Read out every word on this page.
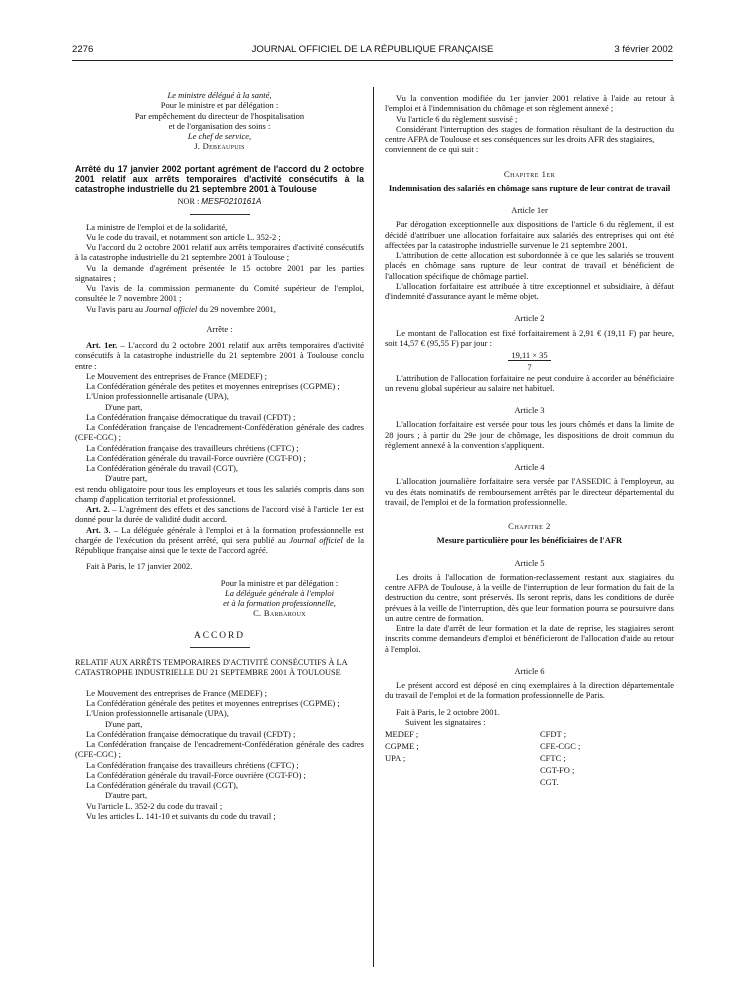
2276	JOURNAL OFFICIEL DE LA RÉPUBLIQUE FRANÇAISE	3 février 2002
Le ministre délégué à la santé,
Pour le ministre et par délégation :
Par empêchement du directeur de l'hospitalisation
et de l'organisation des soins :
Le chef de service,
J. Debeaupuis

Arrêté du 17 janvier 2002 portant agrément de l'accord du 2 octobre 2001 relatif aux arrêts temporaires d'activité consécutifs à la catastrophe industrielle du 21 septembre 2001 à Toulouse

NOR : MESF0210161A

La ministre de l'emploi et de la solidarité,

Vu le code du travail, et notamment son article L. 352-2 ;

Vu l'accord du 2 octobre 2001 relatif aux arrêts temporaires d'activité consécutifs à la catastrophe industrielle du 21 septembre 2001 à Toulouse ;

Vu la demande d'agrément présentée le 15 octobre 2001 par les parties signataires ;

Vu l'avis de la commission permanente du Comité supérieur de l'emploi, consultée le 7 novembre 2001 ;

Vu l'avis paru au Journal officiel du 29 novembre 2001,

Arrête :

Art. 1er. – L'accord du 2 octobre 2001 relatif aux arrêts temporaires d'activité consécutifs à la catastrophe industrielle du 21 septembre 2001 à Toulouse conclu entre :

Le Mouvement des entreprises de France (MEDEF) ;

La Confédération générale des petites et moyennes entreprises (CGPME) ;

L'Union professionnelle artisanale (UPA),

D'une part,

La Confédération française démocratique du travail (CFDT) ;

La Confédération française de l'encadrement-Confédération générale des cadres (CFE-CGC) ;

La Confédération française des travailleurs chrétiens (CFTC) ;

La Confédération générale du travail-Force ouvrière (CGT-FO) ;

La Confédération générale du travail (CGT),

D'autre part,

est rendu obligatoire pour tous les employeurs et tous les salariés compris dans son champ d'application territorial et professionnel.

Art. 2. – L'agrément des effets et des sanctions de l'accord visé à l'article 1er est donné pour la durée de validité dudit accord.

Art. 3. – La déléguée générale à l'emploi et à la formation professionnelle est chargée de l'exécution du présent arrêté, qui sera publié au Journal officiel de la République française ainsi que le texte de l'accord agréé.

Fait à Paris, le 17 janvier 2002.

Pour la ministre et par délégation :
La déléguée générale à l'emploi
et à la formation professionnelle,
C. Barbaroux
ACCORD

RELATIF AUX ARRÊTS TEMPORAIRES D'ACTIVITÉ CONSÉCUTIFS À LA CATASTROPHE INDUSTRIELLE DU 21 SEPTEMBRE 2001 À TOULOUSE

Le Mouvement des entreprises de France (MEDEF) ;

La Confédération générale des petites et moyennes entreprises (CGPME) ;

L'Union professionnelle artisanale (UPA),

D'une part,

La Confédération française démocratique du travail (CFDT) ;

La Confédération française de l'encadrement-Confédération générale des cadres (CFE-CGC) ;

La Confédération française des travailleurs chrétiens (CFTC) ;

La Confédération générale du travail-Force ouvrière (CGT-FO) ;

La Confédération générale du travail (CGT),

D'autre part,

Vu l'article L. 352-2 du code du travail ;

Vu les articles L. 141-10 et suivants du code du travail ;

Vu la convention modifiée du 1er janvier 2001 relative à l'aide au retour à l'emploi et à l'indemnisation du chômage et son règlement annexé ;

Vu l'article 6 du règlement susvisé ;

Considérant l'interruption des stages de formation résultant de la destruction du centre AFPA de Toulouse et ses conséquences sur les droits AFR des stagiaires,

conviennent de ce qui suit :

Chapitre 1er
Indemnisation des salariés en chômage sans rupture de leur contrat de travail
Article 1er

Par dérogation exceptionnelle aux dispositions de l'article 6 du règlement, il est décidé d'attribuer une allocation forfaitaire aux salariés des entreprises qui ont été affectées par la catastrophe industrielle survenue le 21 septembre 2001.

L'attribution de cette allocation est subordonnée à ce que les salariés se trouvent placés en chômage sans rupture de leur contrat de travail et bénéficient de l'allocation spécifique de chômage partiel.

L'allocation forfaitaire est attribuée à titre exceptionnel et subsidiaire, à défaut d'indemnité d'assurance ayant le même objet.

Article 2

Le montant de l'allocation est fixé forfaitairement à 2,91 € (19,11 F) par heure, soit 14,57 € (95,55 F) par jour :

19,11 × 35
7

L'attribution de l'allocation forfaitaire ne peut conduire à accorder au bénéficiaire un revenu global supérieur au salaire net habituel.

Article 3

L'allocation forfaitaire est versée pour tous les jours chômés et dans la limite de 28 jours ; à partir du 29e jour de chômage, les dispositions de droit commun du règlement annexé à la convention s'appliquent.

Article 4

L'allocation journalière forfaitaire sera versée par l'ASSEDIC à l'employeur, au vu des états nominatifs de remboursement arrêtés par le directeur départemental du travail, de l'emploi et de la formation professionnelle.

Chapitre 2
Mesure particulière pour les bénéficiaires de l'AFR
Article 5

Les droits à l'allocation de formation-reclassement restant aux stagiaires du centre AFPA de Toulouse, à la veille de l'interruption de leur formation du fait de la destruction du centre, sont préservés. Ils seront repris, dans les conditions de durée prévues à la veille de l'interruption, dès que leur formation pourra se poursuivre dans un autre centre de formation.

Entre la date d'arrêt de leur formation et la date de reprise, les stagiaires seront inscrits comme demandeurs d'emploi et bénéficieront de l'allocation d'aide au retour à l'emploi.

Article 6

Le présent accord est déposé en cinq exemplaires à la direction départementale du travail de l'emploi et de la formation professionnelle de Paris.

Fait à Paris, le 2 octobre 2001.

Suivent les signataires :

MEDEF ;
CGPME ;
UPA ;
CFDT ;
CFE-CGC ;
CFTC ;
CGT-FO ;
CGT.
